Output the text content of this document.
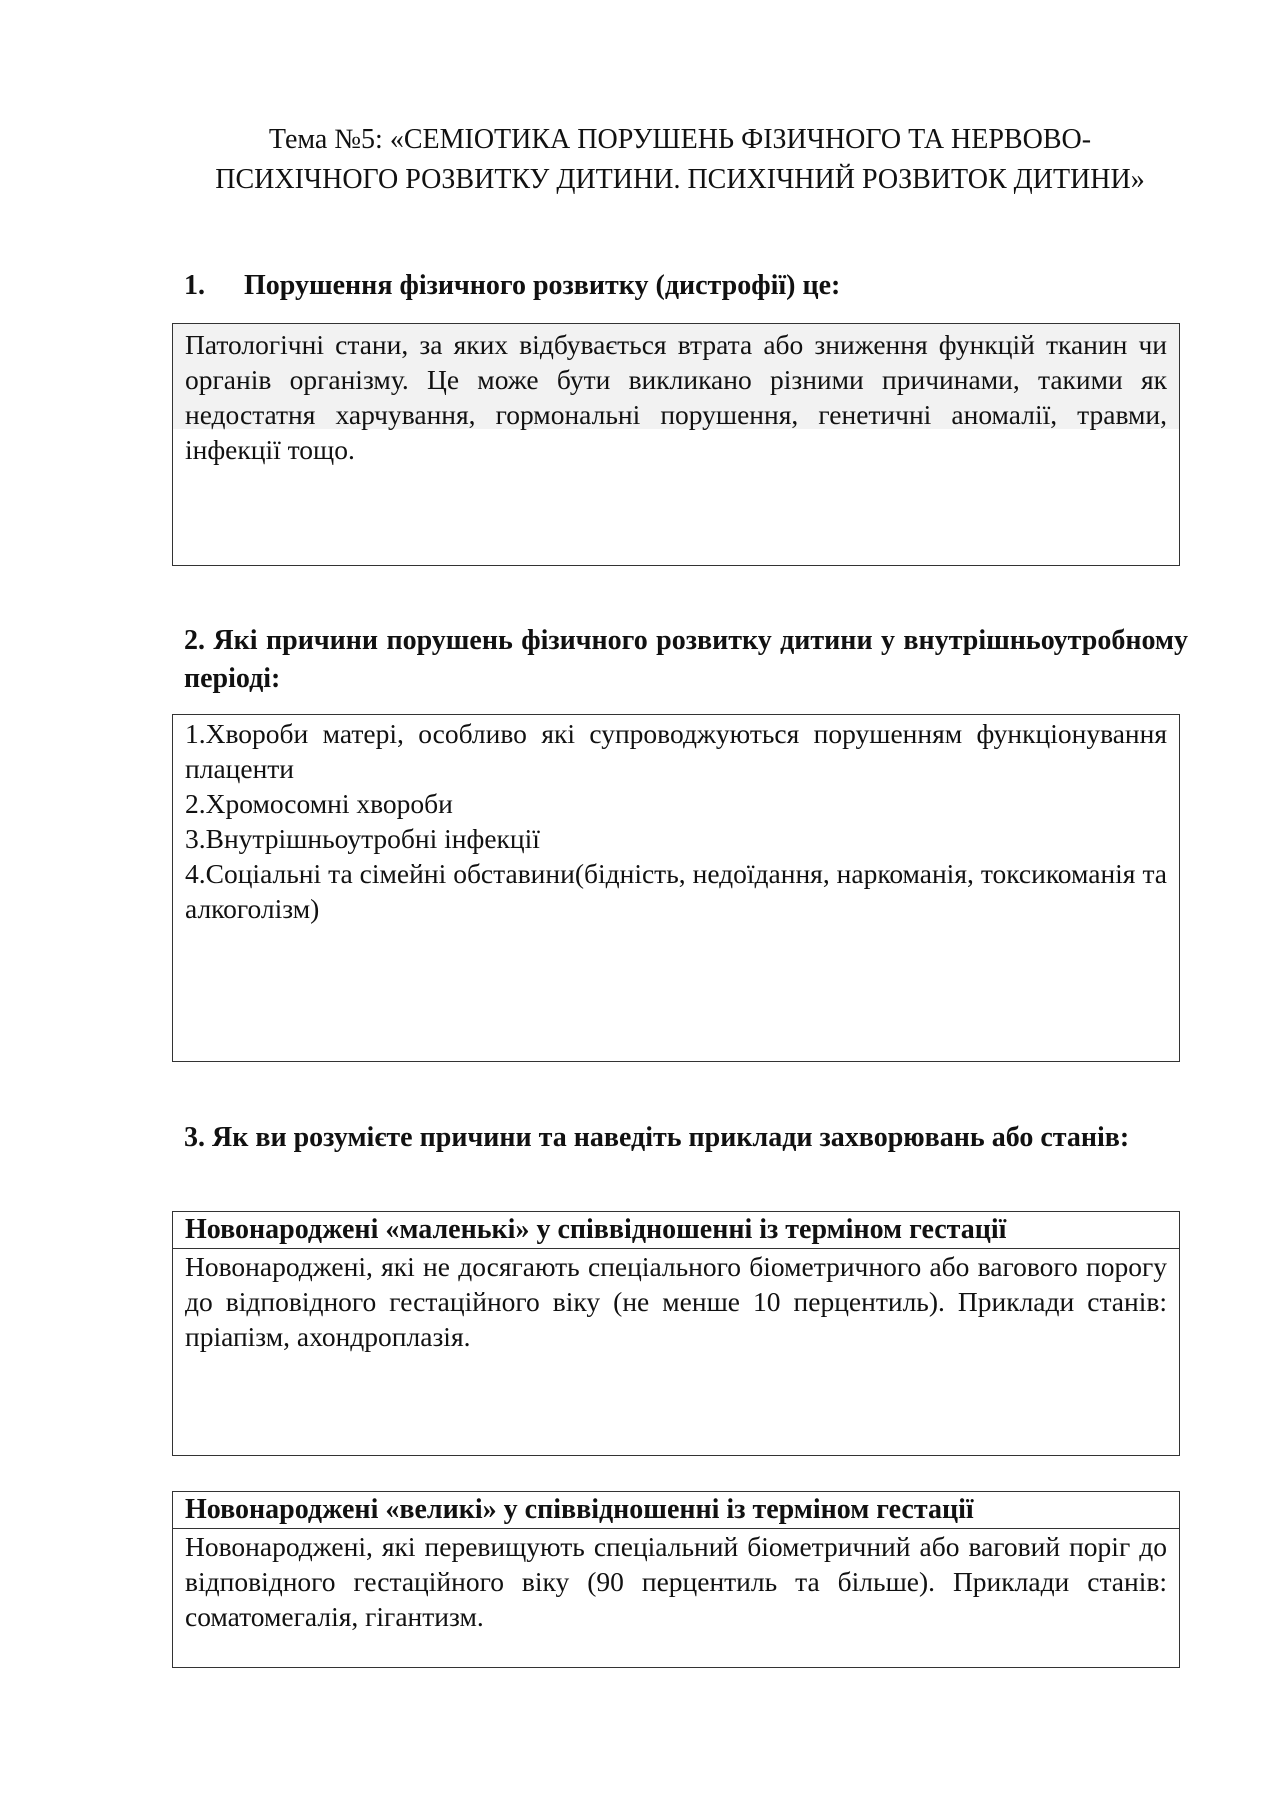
Тема №5: «СЕМІОТИКА ПОРУШЕНЬ ФІЗИЧНОГО ТА НЕРВОВО-
ПСИХІЧНОГО РОЗВИТКУ ДИТИНИ. ПСИХІЧНИЙ РОЗВИТОК ДИТИНИ»
1. Порушення фізичного розвитку (дистрофії) це:
Патологічні стани, за яких відбувається втрата або зниження функцій тканин чи органів організму. Це може бути викликано різними причинами, такими як недостатня харчування, гормональні порушення, генетичні аномалії, травми, інфекції тощо.
2. Які причини порушень фізичного розвитку дитини у внутрішньоутробному періоді:
1.Хвороби матері, особливо які супроводжуються порушенням функціонування плаценти
2.Хромосомні хвороби
3.Внутрішньоутробні інфекції
4.Соціальні та сімейні обставини(бідність, недоїдання, наркоманія, токсикоманія та алкоголізм)
3. Як ви розумієте причини та наведіть приклади захворювань або станів:
Новонароджені «маленькі» у співвідношенні із терміном гестації
Новонароджені, які не досягають спеціального біометричного або вагового порогу до відповідного гестаційного віку (не менше 10 перцентиль). Приклади станів: пріапізм, ахондроплазія.
Новонароджені «великі» у співвідношенні із терміном гестації
Новонароджені, які перевищують спеціальний біометричний або ваговий поріг до відповідного гестаційного віку (90 перцентиль та більше). Приклади станів: соматомегалія, гігантизм.
